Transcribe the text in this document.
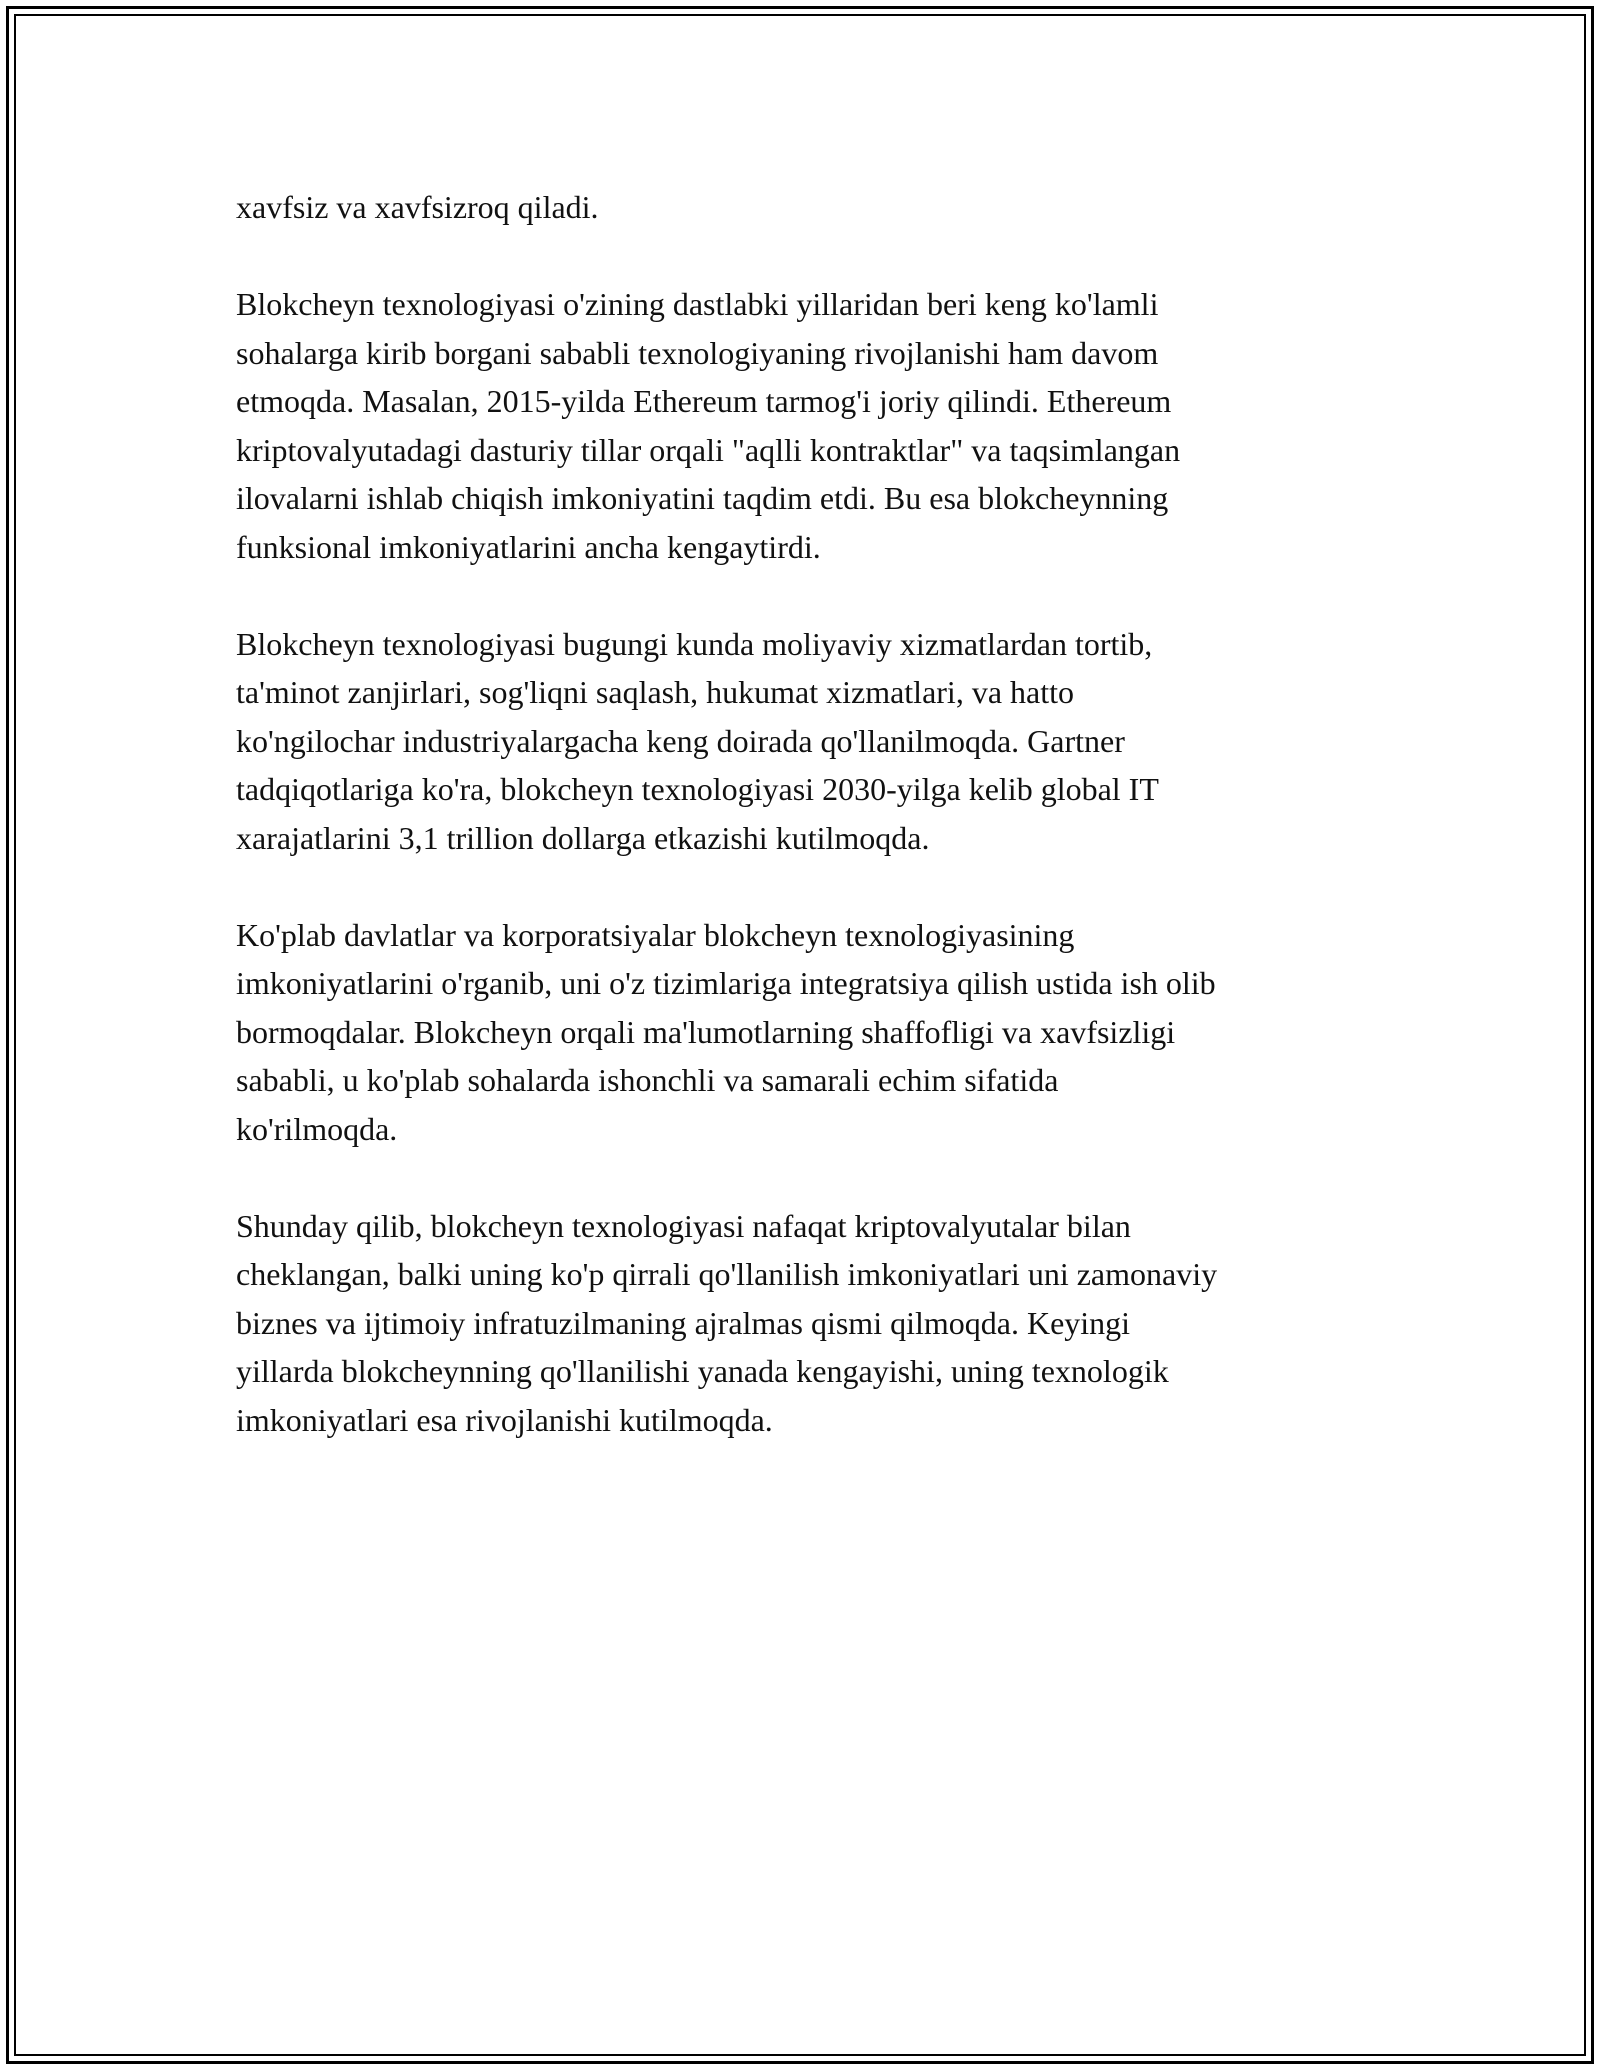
xavfsiz va xavfsizroq qiladi.

Blokcheyn texnologiyasi o'zining dastlabki yillaridan beri keng ko'lamli
sohalarga kirib borgani sababli texnologiyaning rivojlanishi ham davom
etmoqda. Masalan, 2015-yilda Ethereum tarmog'i joriy qilindi. Ethereum
kriptovalyutadagi dasturiy tillar orqali "aqlli kontraktlar" va taqsimlangan
ilovalarni ishlab chiqish imkoniyatini taqdim etdi. Bu esa blokcheynning
funksional imkoniyatlarini ancha kengaytirdi.

Blokcheyn texnologiyasi bugungi kunda moliyaviy xizmatlardan tortib,
ta'minot zanjirlari, sog'liqni saqlash, hukumat xizmatlari, va hatto
ko'ngilochar industriyalargacha keng doirada qo'llanilmoqda. Gartner
tadqiqotlariga ko'ra, blokcheyn texnologiyasi 2030-yilga kelib global IT
xarajatlarini 3,1 trillion dollarga etkazishi kutilmoqda.

Ko'plab davlatlar va korporatsiyalar blokcheyn texnologiyasining
imkoniyatlarini o'rganib, uni o'z tizimlariga integratsiya qilish ustida ish olib
bormoqdalar. Blokcheyn orqali ma'lumotlarning shaffofligi va xavfsizligi
sababli, u ko'plab sohalarda ishonchli va samarali echim sifatida
ko'rilmoqda.

Shunday qilib, blokcheyn texnologiyasi nafaqat kriptovalyutalar bilan
cheklangan, balki uning ko'p qirrali qo'llanilish imkoniyatlari uni zamonaviy
biznes va ijtimoiy infratuzilmaning ajralmas qismi qilmoqda. Keyingi
yillarda blokcheynning qo'llanilishi yanada kengayishi, uning texnologik
imkoniyatlari esa rivojlanishi kutilmoqda.
